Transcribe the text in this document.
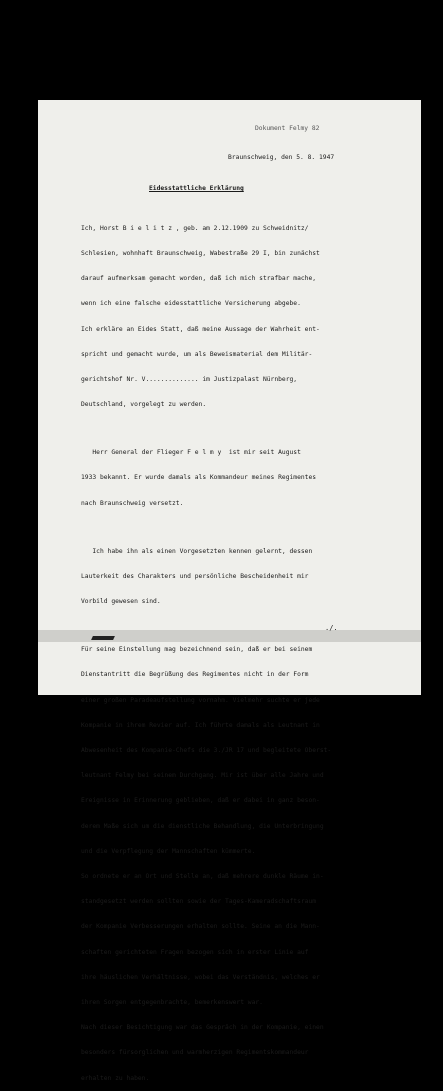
Dokument Felmy 82
Braunschweig, den 5. 8. 1947
Eidesstattliche Erklärung

Ich, Horst B i e l i t z , geb. am 2.12.1909 zu Schweidnitz/

Schlesien, wohnhaft Braunschweig, Wabestraße 29 I, bin zunächst

darauf aufmerksam gemacht worden, daß ich mich strafbar mache,

wenn ich eine falsche eidesstattliche Versicherung abgebe.

Ich erkläre an Eides Statt, daß meine Aussage der Wahrheit ent-

spricht und gemacht wurde, um als Beweismaterial dem Militär-

gerichtshof Nr. V.............. im Justizpalast Nürnberg,

Deutschland, vorgelegt zu werden.

Herr General der Flieger F e l m y  ist mir seit August

1933 bekannt. Er wurde damals als Kommandeur meines Regimentes

nach Braunschweig versetzt.

Ich habe ihn als einen Vorgesetzten kennen gelernt, dessen

Lauterkeit des Charakters und persönliche Bescheidenheit mir

Vorbild gewesen sind.

Für seine Einstellung mag bezeichnend sein, daß er bei seinem

Dienstantritt die Begrüßung des Regimentes nicht in der Form

einer großen Paradeaufstellung vornahm. Vielmehr suchte er jede

Kompanie in ihrem Revier auf. Ich führte damals als Leutnant in

Abwesenheit des Kompanie-Chefs die 3./JR 17 und begleitete Oberst-

leutnant Felmy bei seinem Durchgang. Mir ist über alle Jahre und

Ereignisse in Erinnerung geblieben, daß er dabei in ganz beson-

derem Maße sich um die dienstliche Behandlung, die Unterbringung

und die Verpflegung der Mannschaften kümmerte.

So ordnete er an Ort und Stelle an, daß mehrere dunkle Räume in-

standgesetzt werden sollten sowie der Tages-Kameradschaftsraum

der Kompanie Verbesserungen erhalten sollte. Seine an die Mann-

schaften gerichteten Fragen bezogen sich in erster Linie auf

ihre häuslichen Verhältnisse, wobei das Verständnis, welches er

ihren Sorgen entgegenbrachte, bemerkenswert war.

Nach dieser Besichtigung war das Gespräch in der Kompanie, einen

besonders fürsorglichen und warmherzigen Regimentskommandeur

erhalten zu haben.

./.
